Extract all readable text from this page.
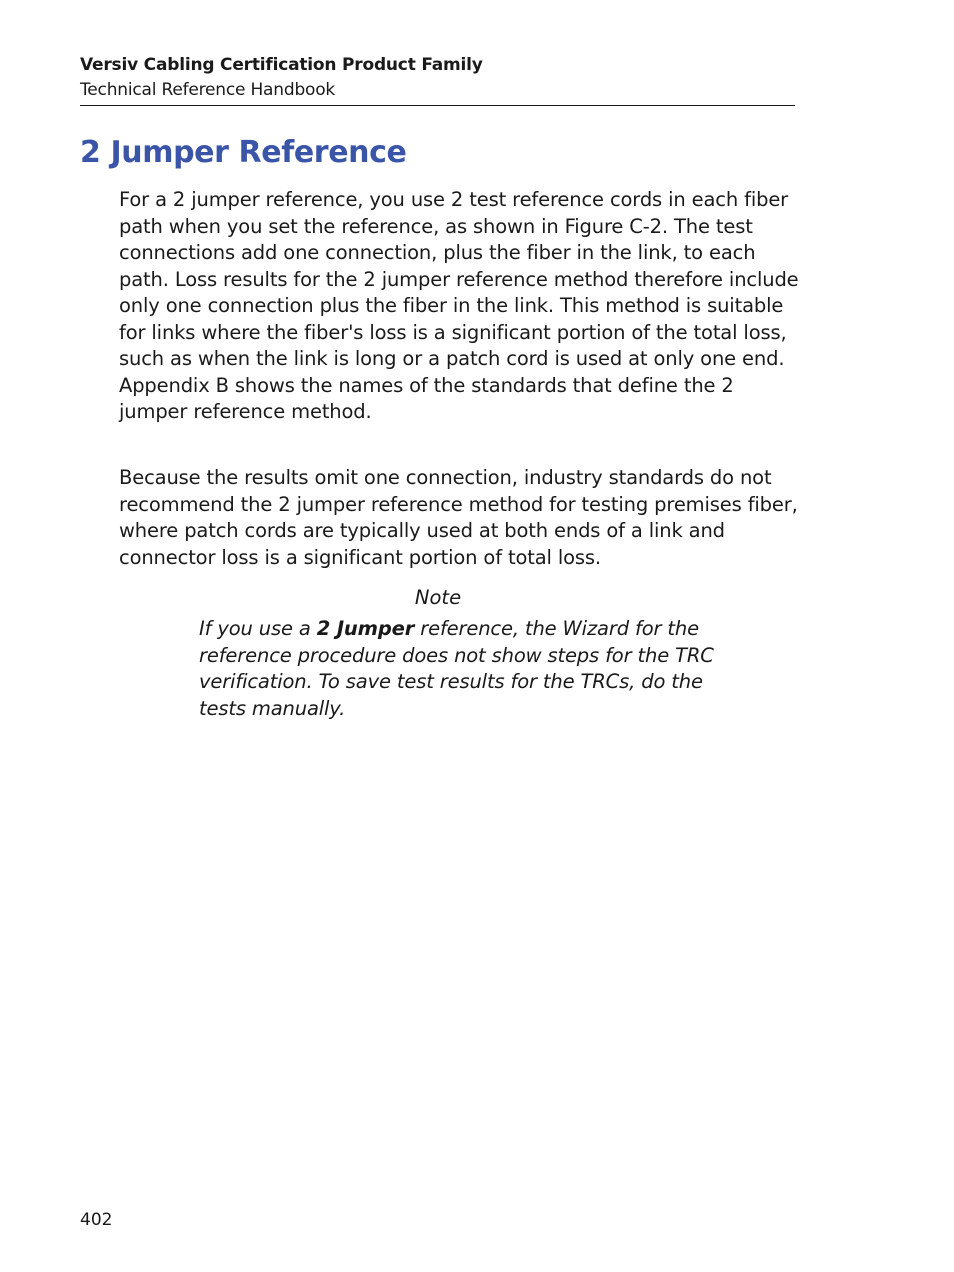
Versiv Cabling Certification Product Family
Technical Reference Handbook
2 Jumper Reference

For a 2 jumper reference, you use 2 test reference cords in each fiber path when you set the reference, as shown in Figure C-2. The test connections add one connection, plus the fiber in the link, to each path. Loss results for the 2 jumper reference method therefore include only one connection plus the fiber in the link. This method is suitable for links where the fiber's loss is a significant portion of the total loss, such as when the link is long or a patch cord is used at only one end. Appendix B shows the names of the standards that define the 2 jumper reference method.

Because the results omit one connection, industry standards do not recommend the 2 jumper reference method for testing premises fiber, where patch cords are typically used at both ends of a link and connector loss is a significant portion of total loss.

Note

If you use a 2 Jumper reference, the Wizard for the reference procedure does not show steps for the TRC verification. To save test results for the TRCs, do the tests manually.

402
